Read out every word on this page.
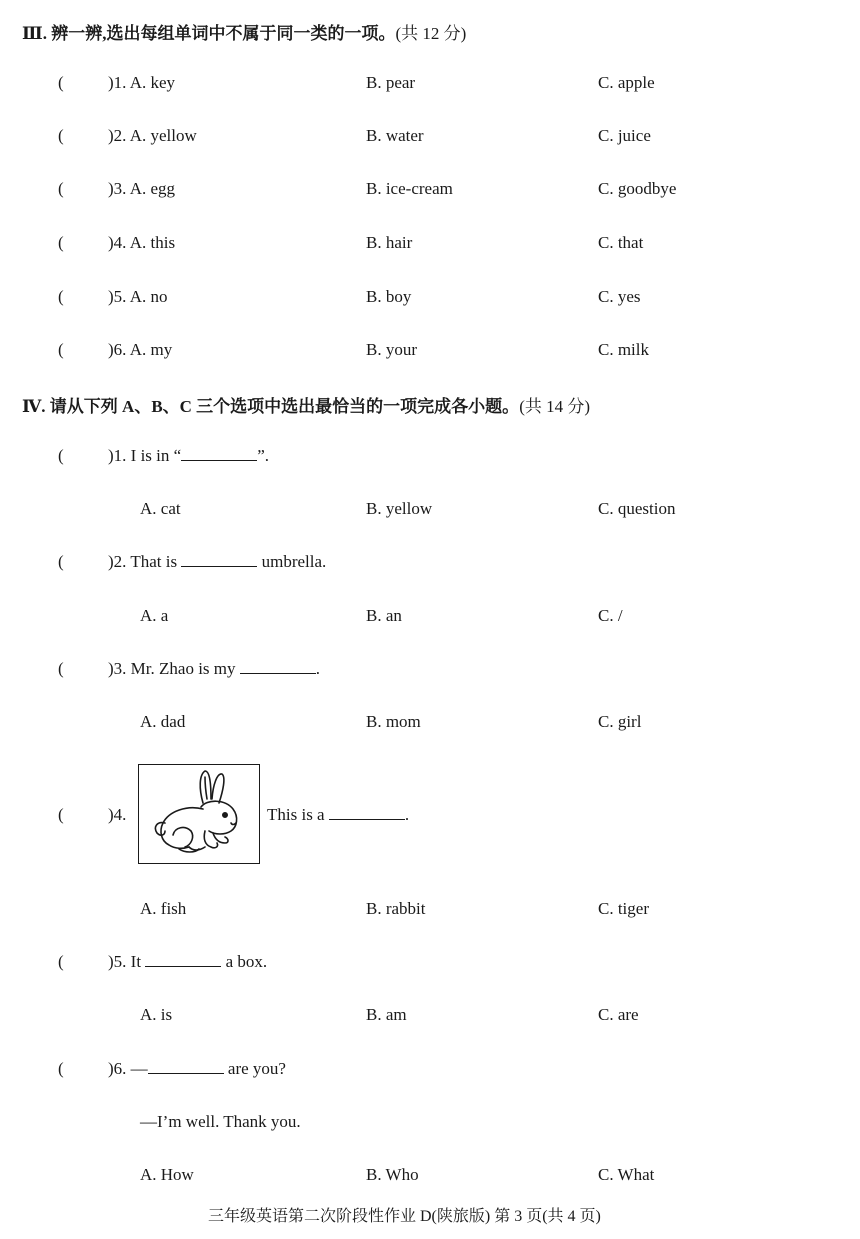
Ⅲ. 辨一辨,选出每组单词中不属于同一类的一项。(共 12 分)
(	)1. A. key	B. pear	C. apple
(	)2. A. yellow	B. water	C. juice
(	)3. A. egg	B. ice-cream	C. goodbye
(	)4. A. this	B. hair	C. that
(	)5. A. no	B. boy	C. yes
(	)6. A. my	B. your	C. milk
Ⅳ. 请从下列 A、B、C 三个选项中选出最恰当的一项完成各小题。(共 14 分)
(	)1. I is in “	”.
A. cat	B. yellow	C. question
(	)2. That is	umbrella.
A. a	B. an	C. /
(	)3. Mr. Zhao is my	.
A. dad	B. mom	C. girl
(	)4.	This is a	.
A. fish	B. rabbit	C. tiger
(	)5. It	a box.
A. is	B. am	C. are
(	)6. —	are you?
—I’m well. Thank you.
A. How	B. Who	C. What
三年级英语第二次阶段性作业 D(陕旅版) 第 3 页(共 4 页)
